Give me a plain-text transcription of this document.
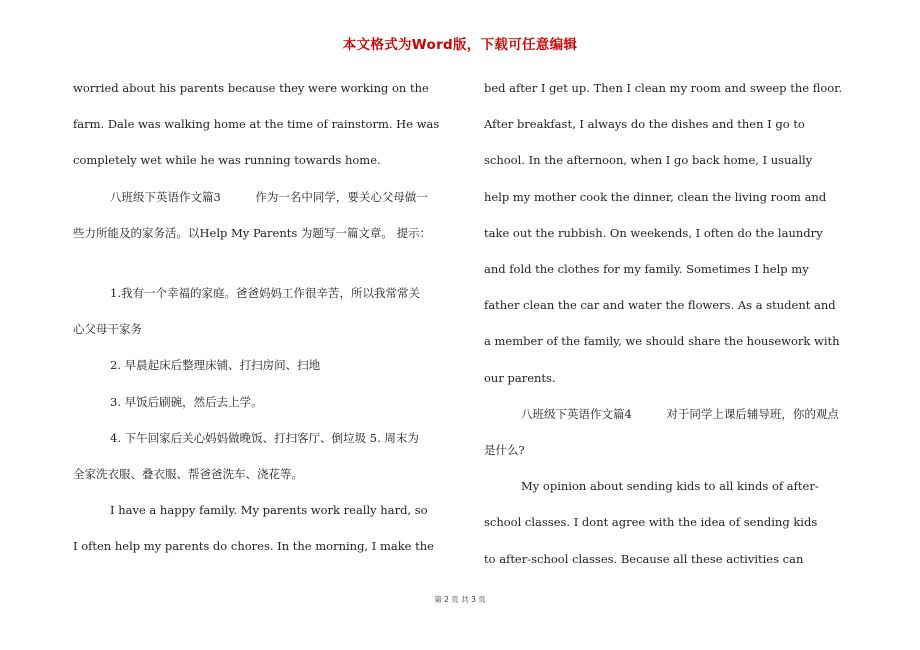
本文格式为Word版，下载可任意编辑

worried about his parents because they were working on the

farm. Dale was walking home at the time of rainstorm. He was

completely wet while he was running towards home.

八班级下英语作文篇3　　　作为一名中同学，要关心父母做一

些力所能及的家务活。以Help My Parents 为题写一篇文章。 提示：

1.我有一个幸福的家庭。爸爸妈妈工作很辛苦，所以我常常关

心父母干家务

2. 早晨起床后整理床铺、打扫房间、扫地

3. 早饭后刷碗，然后去上学。

4. 下午回家后关心妈妈做晚饭、打扫客厅、倒垃圾 5. 周末为

全家洗衣服、叠衣服、帮爸爸洗车、浇花等。

I have a happy family. My parents work really hard, so

I often help my parents do chores. In the morning, I make the

bed after I get up. Then I clean my room and sweep the floor.

After breakfast, I always do the dishes and then I go to

school. In the afternoon, when I go back home, I usually

help my mother cook the dinner, clean the living room and

take out the rubbish. On weekends, I often do the laundry

and fold the clothes for my family. Sometimes I help my

father clean the car and water the flowers. As a student and

a member of the family, we should share the housework with

our parents.

八班级下英语作文篇4　　　对于同学上课后辅导班，你的观点

是什么?

My opinion about sending kids to all kinds of after-

school classes. I dont agree with the idea of sending kids

to after-school classes. Because all these activities can

第 2 页 共 3 页
